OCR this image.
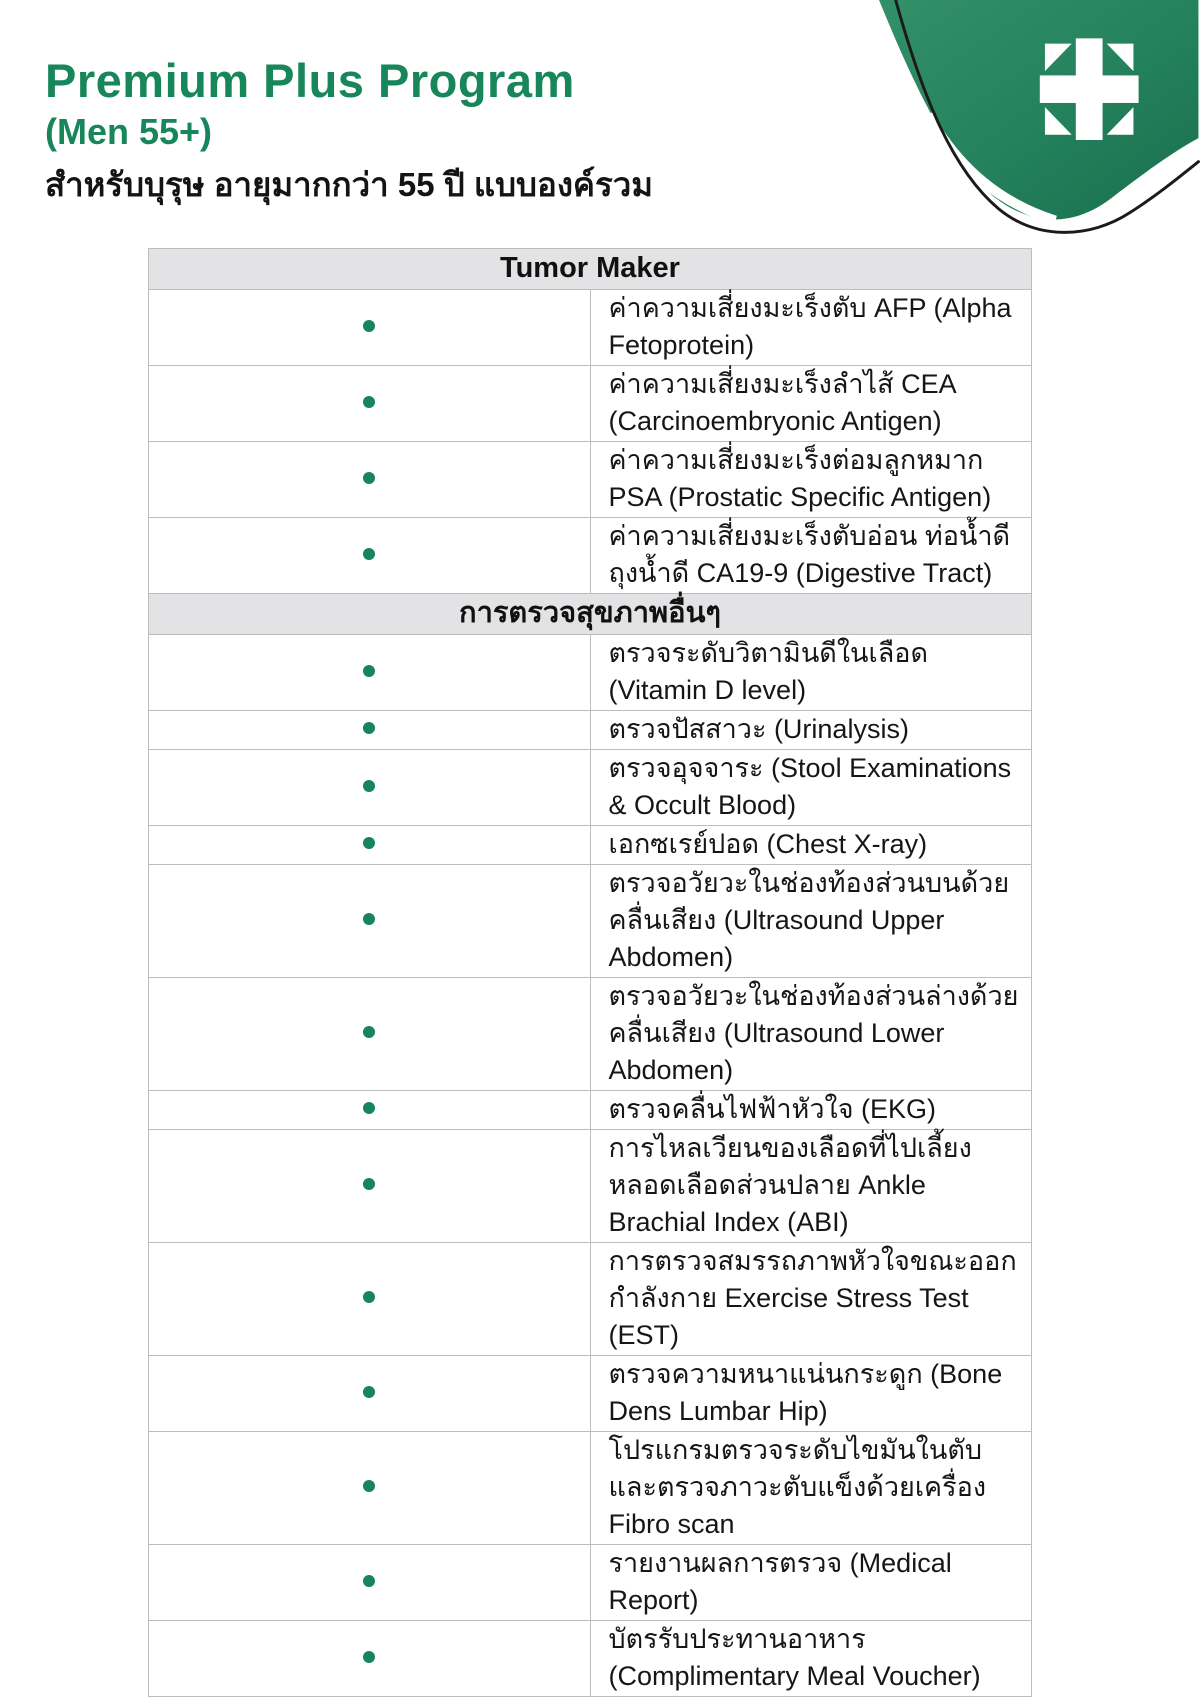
Premium Plus Program
(Men 55+)
สำหรับบุรุษ อายุมากกว่า 55 ปี แบบองค์รวม
Tumor Maker	
	ค่าความเสี่ยงมะเร็งตับ AFP (Alpha Fetoprotein)
	ค่าความเสี่ยงมะเร็งลำไส้ CEA (Carcinoembryonic Antigen)
	ค่าความเสี่ยงมะเร็งต่อมลูกหมาก PSA (Prostatic Specific Antigen)
	ค่าความเสี่ยงมะเร็งตับอ่อน ท่อน้ำดี ถุงน้ำดี CA19-9 (Digestive Tract)
การตรวจสุขภาพอื่นๆ	
	ตรวจระดับวิตามินดีในเลือด (Vitamin D level)
	ตรวจปัสสาวะ (Urinalysis)
	ตรวจอุจจาระ (Stool Examinations & Occult Blood)
	เอกซเรย์ปอด (Chest X-ray)
	ตรวจอวัยวะในช่องท้องส่วนบนด้วยคลื่นเสียง (Ultrasound Upper Abdomen)
	ตรวจอวัยวะในช่องท้องส่วนล่างด้วยคลื่นเสียง (Ultrasound Lower Abdomen)
	ตรวจคลื่นไฟฟ้าหัวใจ (EKG)
	การไหลเวียนของเลือดที่ไปเลี้ยงหลอดเลือดส่วนปลาย Ankle Brachial Index (ABI)
	การตรวจสมรรถภาพหัวใจขณะออกกำลังกาย Exercise Stress Test (EST)
	ตรวจความหนาแน่นกระดูก (Bone Dens Lumbar Hip)
	โปรแกรมตรวจระดับไขมันในตับและตรวจภาวะตับแข็งด้วยเครื่อง Fibro scan
	รายงานผลการตรวจ (Medical Report)
	บัตรรับประทานอาหาร (Complimentary Meal Voucher)
